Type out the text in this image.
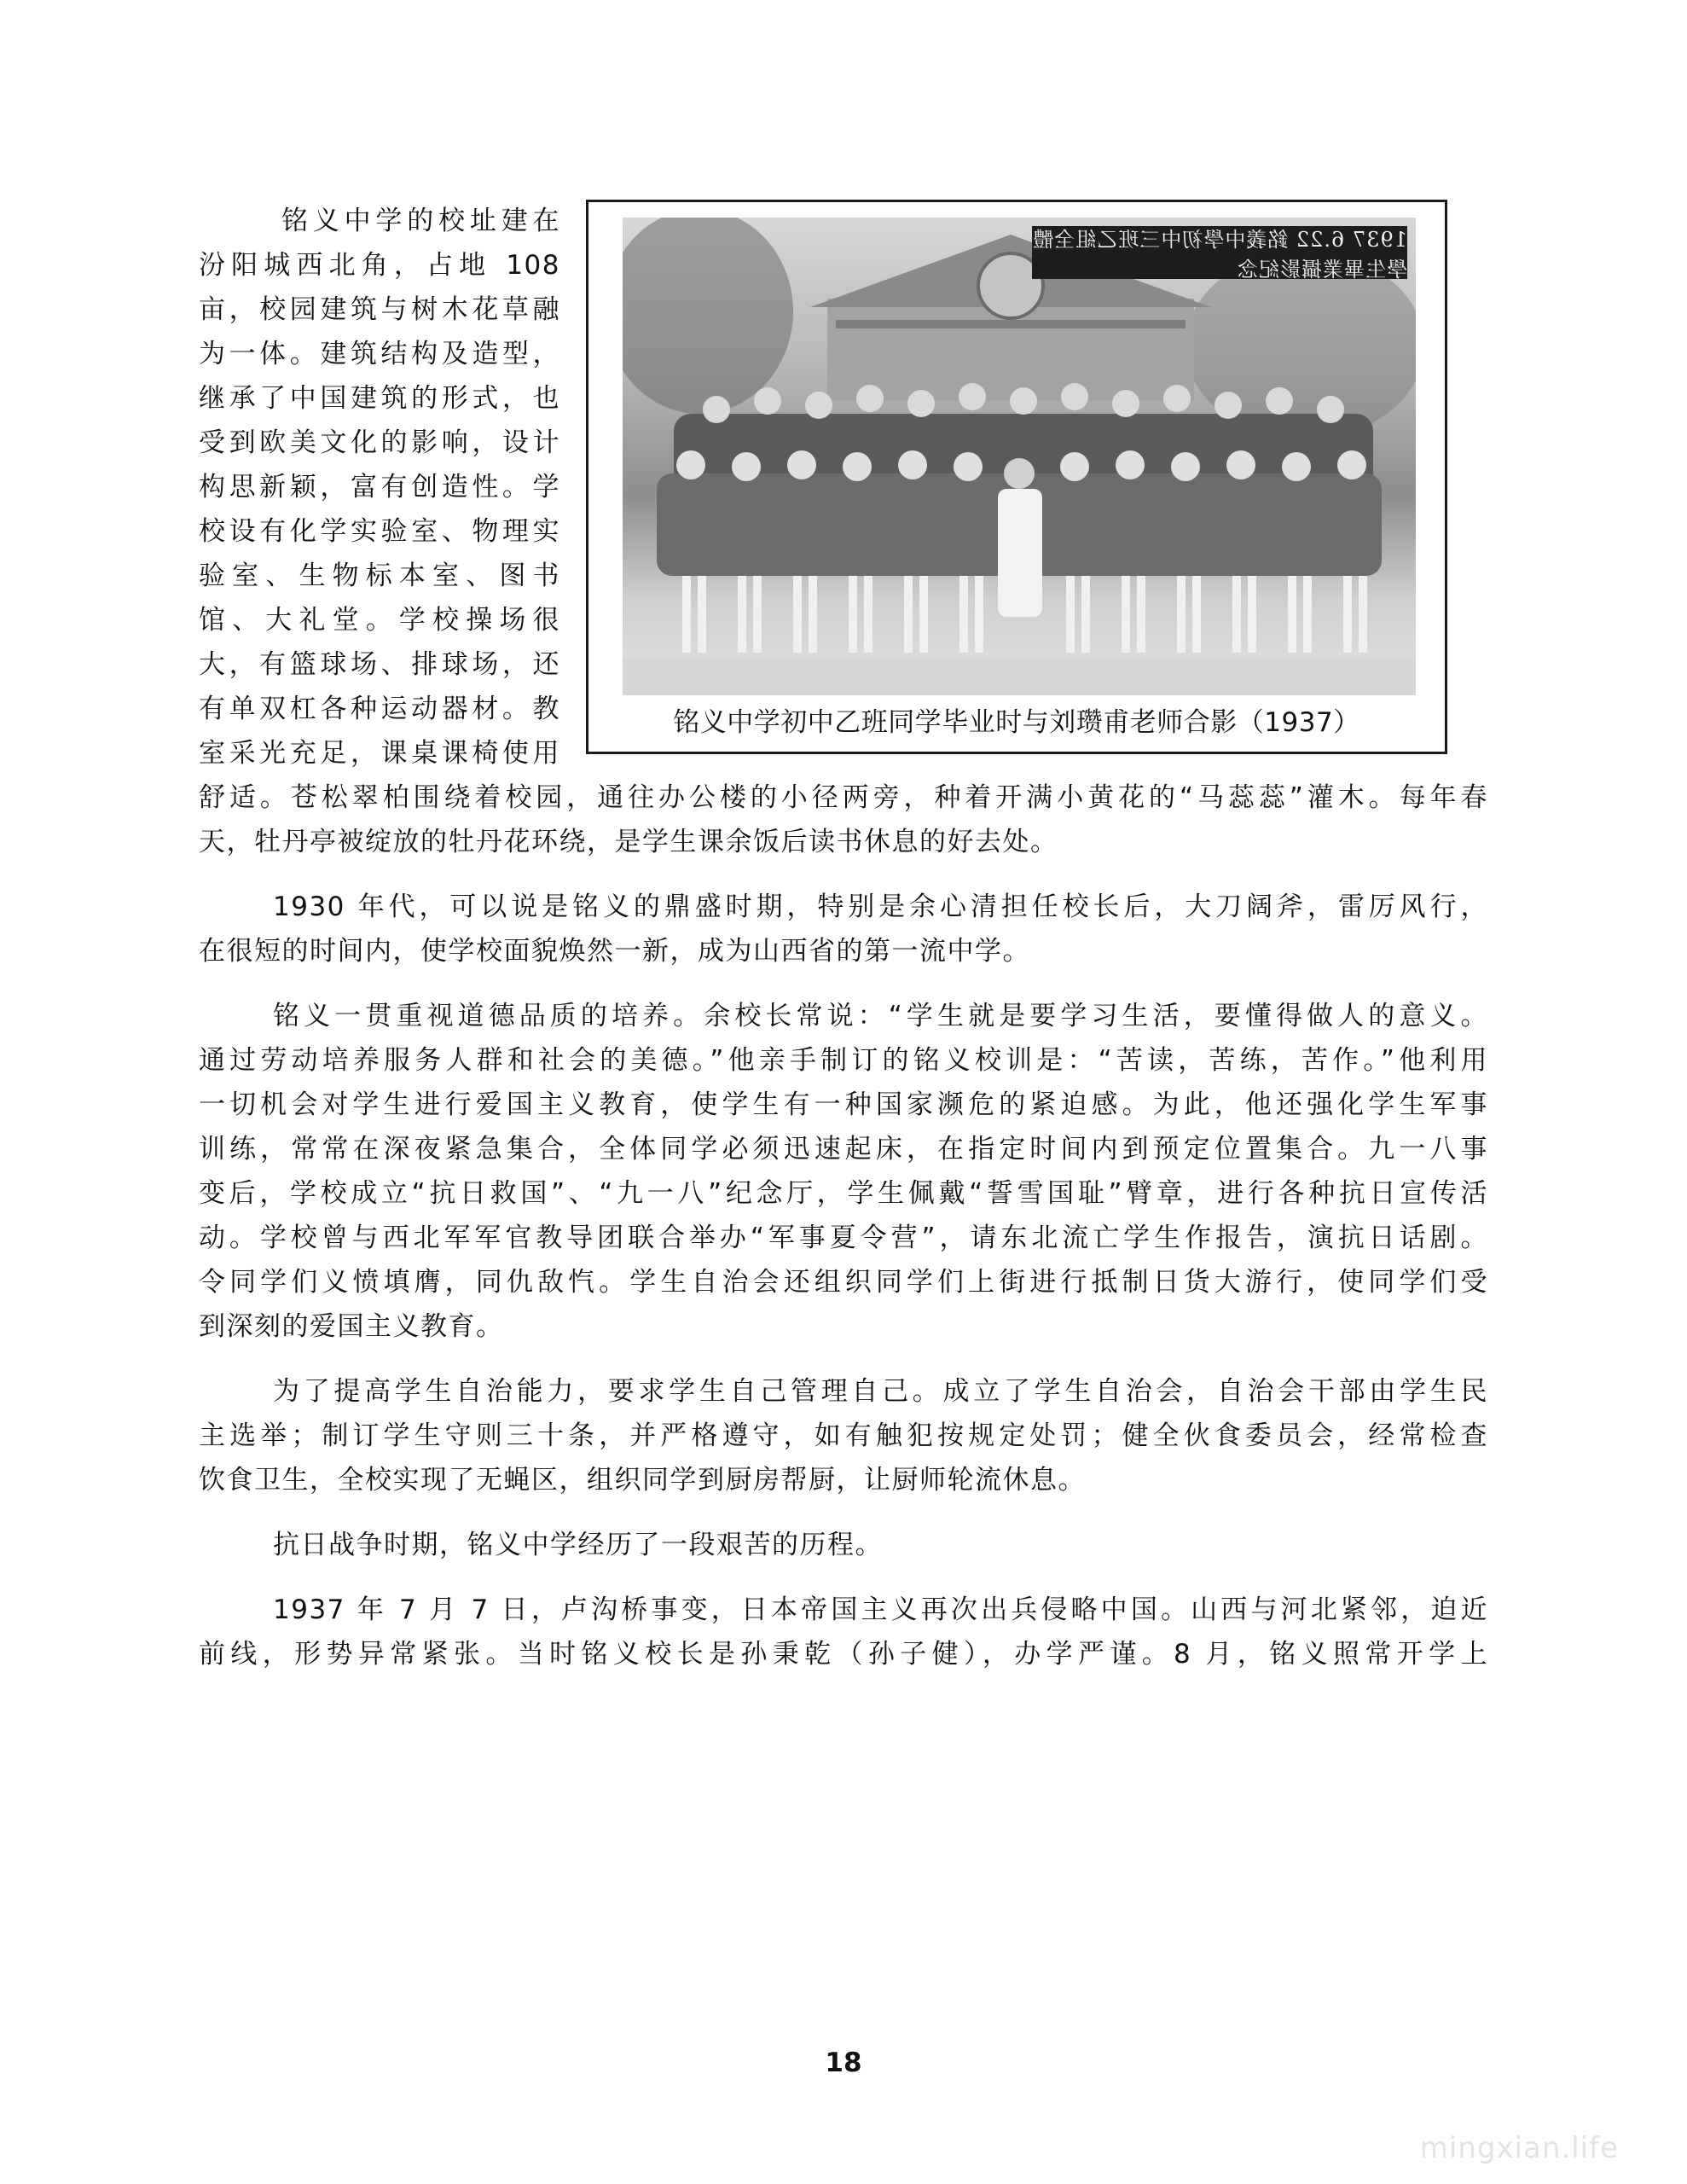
1937 6.22 銘義中學初中三班乙組全體學生畢業攝影紀念
铭义中学初中乙班同学毕业时与刘瓒甫老师合影（1937）
铭义中学的校址建在
汾阳城西北角，占地 108
亩，校园建筑与树木花草融
为一体。建筑结构及造型，
继承了中国建筑的形式，也
受到欧美文化的影响，设计
构思新颖，富有创造性。学
校设有化学实验室、物理实
验室、生物标本室、图书
馆、大礼堂。学校操场很
大，有篮球场、排球场，还
有单双杠各种运动器材。教
室采光充足，课桌课椅使用
舒适。苍松翠柏围绕着校园，通往办公楼的小径两旁，种着开满小黄花的“马蕊蕊”灌木。每年春
天，牡丹亭被绽放的牡丹花环绕，是学生课余饭后读书休息的好去处。
1930 年代，可以说是铭义的鼎盛时期，特别是余心清担任校长后，大刀阔斧，雷厉风行，
在很短的时间内，使学校面貌焕然一新，成为山西省的第一流中学。
铭义一贯重视道德品质的培养。余校长常说：“学生就是要学习生活，要懂得做人的意义。
通过劳动培养服务人群和社会的美德。”他亲手制订的铭义校训是：“苦读，苦练，苦作。”他利用
一切机会对学生进行爱国主义教育，使学生有一种国家濒危的紧迫感。为此，他还强化学生军事
训练，常常在深夜紧急集合，全体同学必须迅速起床，在指定时间内到预定位置集合。九一八事
变后，学校成立“抗日救国”、“九一八”纪念厅，学生佩戴“誓雪国耻”臂章，进行各种抗日宣传活
动。学校曾与西北军军官教导团联合举办“军事夏令营”，请东北流亡学生作报告，演抗日话剧。
令同学们义愤填膺，同仇敌忾。学生自治会还组织同学们上街进行抵制日货大游行，使同学们受
到深刻的爱国主义教育。
为了提高学生自治能力，要求学生自己管理自己。成立了学生自治会，自治会干部由学生民
主选举；制订学生守则三十条，并严格遵守，如有触犯按规定处罚；健全伙食委员会，经常检查
饮食卫生，全校实现了无蝇区，组织同学到厨房帮厨，让厨师轮流休息。
抗日战争时期，铭义中学经历了一段艰苦的历程。
1937 年 7 月 7 日，卢沟桥事变，日本帝国主义再次出兵侵略中国。山西与河北紧邻，迫近
前线，形势异常紧张。当时铭义校长是孙秉乾（孙子健），办学严谨。8 月，铭义照常开学上
18
mingxian.life
